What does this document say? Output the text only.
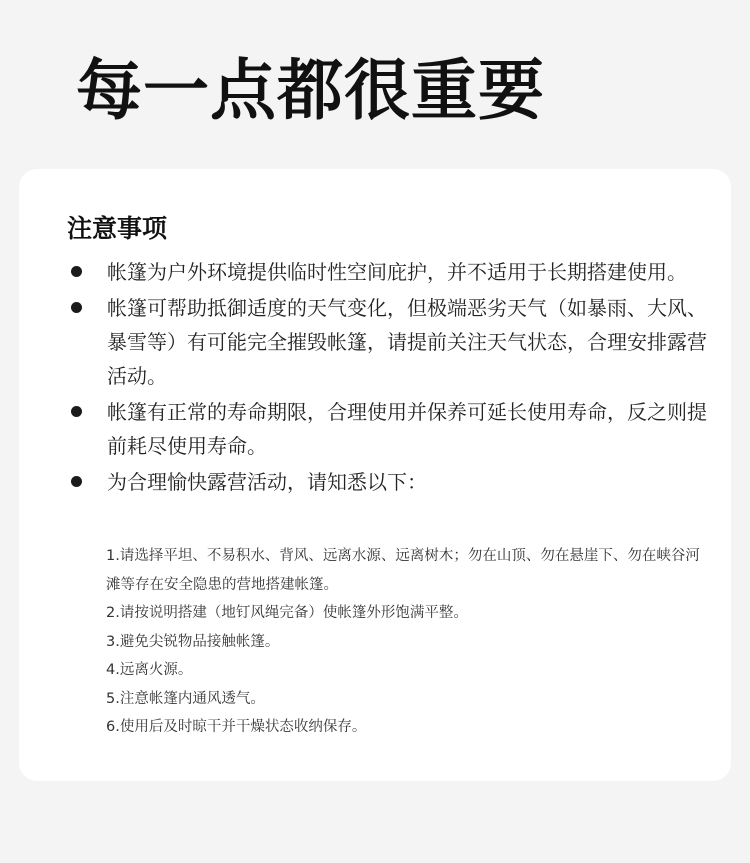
每一点都很重要
注意事项
帐篷为户外环境提供临时性空间庇护，并不适用于长期搭建使用。
帐篷可帮助抵御适度的天气变化，但极端恶劣天气（如暴雨、大风、暴雪等）有可能完全摧毁帐篷，请提前关注天气状态，合理安排露营活动。
帐篷有正常的寿命期限，合理使用并保养可延长使用寿命，反之则提前耗尽使用寿命。
为合理愉快露营活动，请知悉以下：
1.请选择平坦、不易积水、背风、远离水源、远离树木；勿在山顶、勿在悬崖下、勿在峡谷河滩等存在安全隐患的营地搭建帐篷。
2.请按说明搭建（地钉风绳完备）使帐篷外形饱满平整。
3.避免尖锐物品接触帐篷。
4.远离火源。
5.注意帐篷内通风透气。
6.使用后及时晾干并干燥状态收纳保存。
